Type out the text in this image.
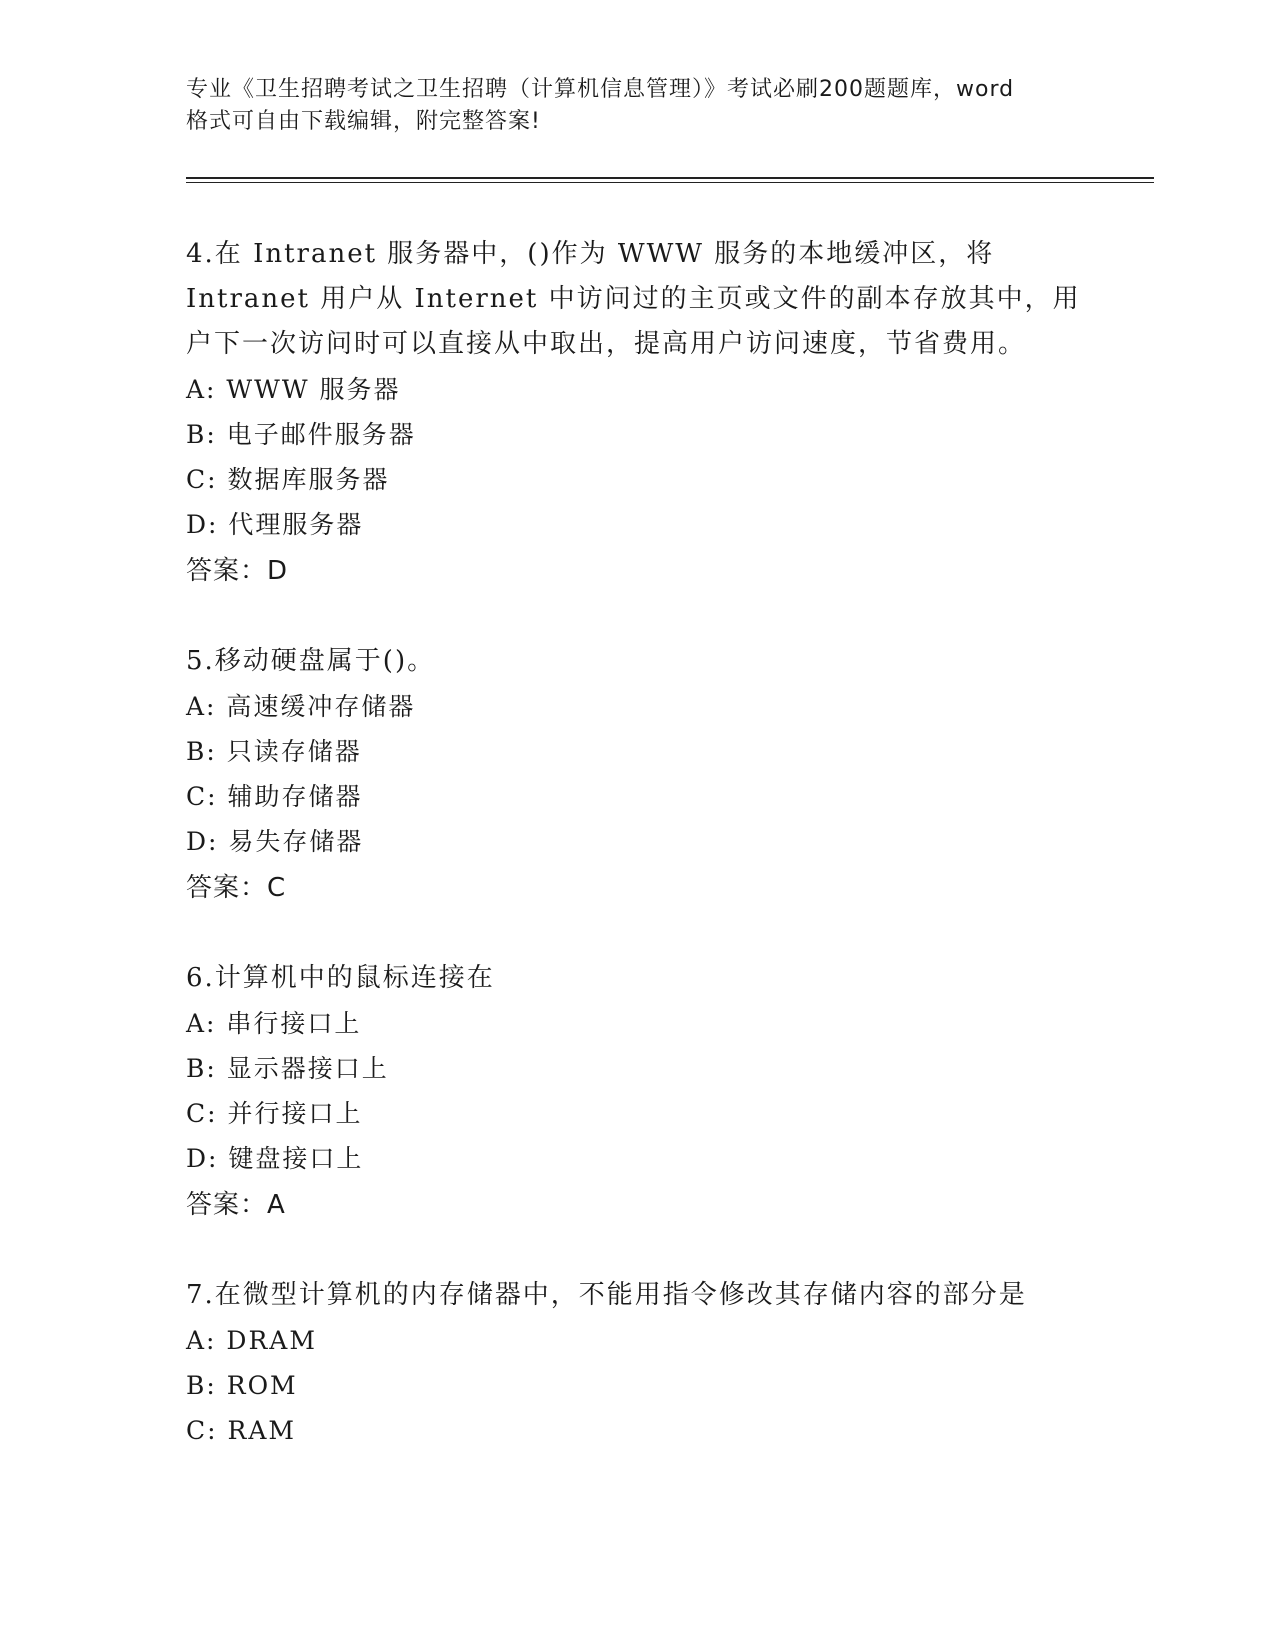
专业《卫生招聘考试之卫生招聘（计算机信息管理）》考试必刷200题题库，word
格式可自由下载编辑，附完整答案!

4.在 Intranet 服务器中，()作为 WWW 服务的本地缓冲区，将 Intranet 用户从 Internet 中访问过的主页或文件的副本存放其中，用户下一次访问时可以直接从中取出，提高用户访问速度，节省费用。

A: WWW 服务器

B: 电子邮件服务器

C: 数据库服务器

D: 代理服务器

答案：D

5.移动硬盘属于()。

A: 高速缓冲存储器

B: 只读存储器

C: 辅助存储器

D: 易失存储器

答案：C

6.计算机中的鼠标连接在

A: 串行接口上

B: 显示器接口上

C: 并行接口上

D: 键盘接口上

答案：A

7.在微型计算机的内存储器中，不能用指令修改其存储内容的部分是

A: DRAM

B: ROM

C: RAM
